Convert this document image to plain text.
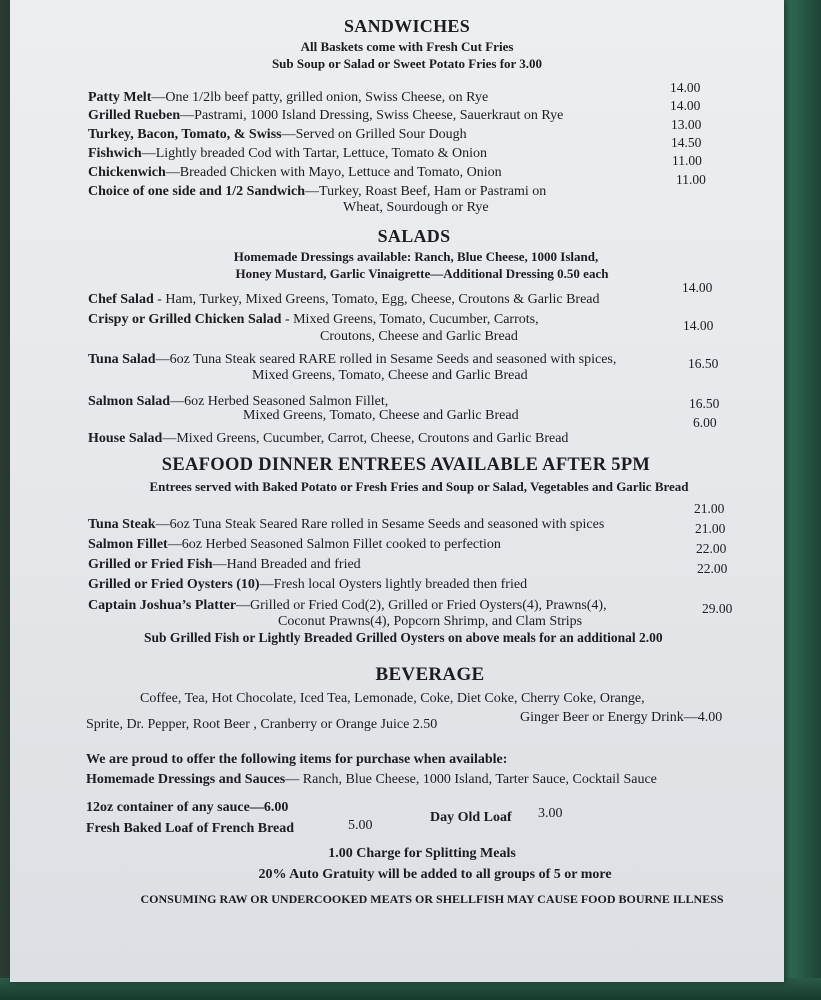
SANDWICHES
All Baskets come with Fresh Cut Fries
Sub Soup or Salad or Sweet Potato Fries for 3.00
Patty Melt—One 1/2lb beef patty, grilled onion, Swiss Cheese, on Rye
14.00
Grilled Rueben—Pastrami, 1000 Island Dressing, Swiss Cheese, Sauerkraut on Rye
14.00
Turkey, Bacon, Tomato, & Swiss—Served on Grilled Sour Dough
13.00
Fishwich—Lightly breaded Cod with Tartar, Lettuce, Tomato & Onion
14.50
Chickenwich—Breaded Chicken with Mayo, Lettuce and Tomato, Onion
11.00
Choice of one side and 1/2 Sandwich—Turkey, Roast Beef, Ham or Pastrami on
Wheat, Sourdough or Rye
11.00
SALADS
Homemade Dressings available: Ranch, Blue Cheese, 1000 Island,
Honey Mustard, Garlic Vinaigrette—Additional Dressing 0.50 each
Chef Salad - Ham, Turkey, Mixed Greens, Tomato, Egg, Cheese, Croutons & Garlic Bread
14.00
Crispy or Grilled Chicken Salad - Mixed Greens, Tomato, Cucumber, Carrots,
Croutons, Cheese and Garlic Bread
14.00
Tuna Salad—6oz Tuna Steak seared RARE rolled in Sesame Seeds and seasoned with spices,
Mixed Greens, Tomato, Cheese and Garlic Bread
16.50
Salmon Salad—6oz Herbed Seasoned Salmon Fillet,
Mixed Greens, Tomato, Cheese and Garlic Bread
16.50
House Salad—Mixed Greens, Cucumber, Carrot, Cheese, Croutons and Garlic Bread
6.00
SEAFOOD DINNER ENTREES AVAILABLE AFTER 5PM
Entrees served with Baked Potato or Fresh Fries and Soup or Salad, Vegetables and Garlic Bread
Tuna Steak—6oz Tuna Steak Seared Rare rolled in Sesame Seeds and seasoned with spices
21.00
Salmon Fillet—6oz Herbed Seasoned Salmon Fillet cooked to perfection
21.00
Grilled or Fried Fish—Hand Breaded and fried
22.00
Grilled or Fried Oysters (10)—Fresh local Oysters lightly breaded then fried
22.00
Captain Joshua’s Platter—Grilled or Fried Cod(2), Grilled or Fried Oysters(4), Prawns(4),
Coconut Prawns(4), Popcorn Shrimp, and Clam Strips
29.00
Sub Grilled Fish or Lightly Breaded Grilled Oysters on above meals for an additional 2.00
BEVERAGE
Coffee, Tea, Hot Chocolate, Iced Tea, Lemonade, Coke, Diet Coke, Cherry Coke, Orange,
Sprite, Dr. Pepper, Root Beer , Cranberry or Orange Juice 2.50	Ginger Beer or Energy Drink—4.00
We are proud to offer the following items for purchase when available:
Homemade Dressings and Sauces— Ranch, Blue Cheese, 1000 Island, Tarter Sauce, Cocktail Sauce
12oz container of any sauce—6.00
Fresh Baked Loaf of French Bread	5.00
Day Old Loaf 3.00
1.00 Charge for Splitting Meals
20% Auto Gratuity will be added to all groups of 5 or more
CONSUMING RAW OR UNDERCOOKED MEATS OR SHELLFISH MAY CAUSE FOOD BOURNE ILLNESS
